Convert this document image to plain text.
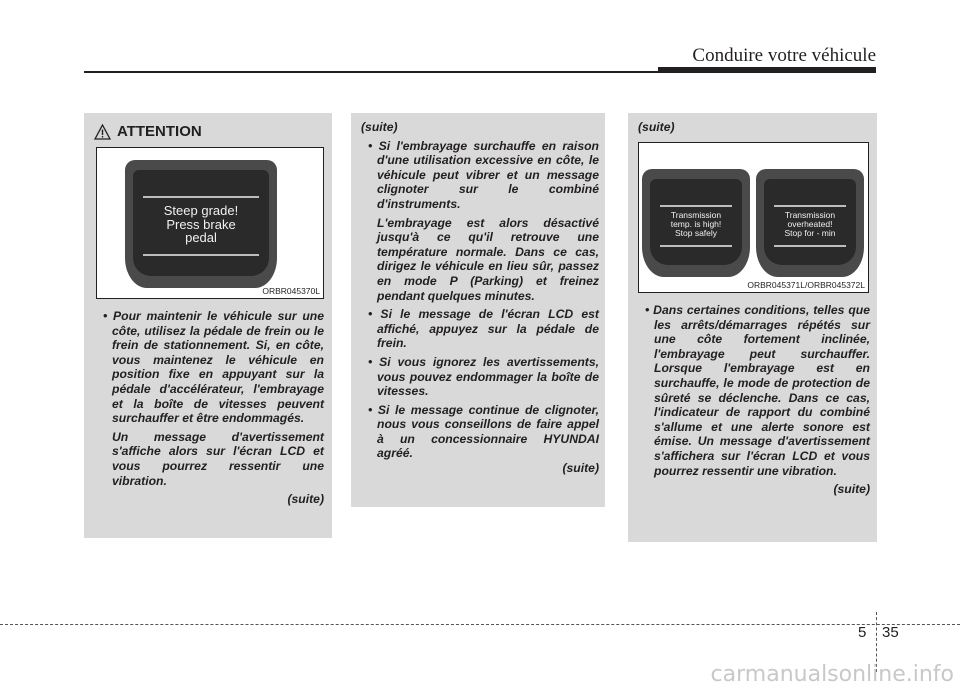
Conduire votre véhicule
ATTENTION
Steep grade!
Press brake
pedal
ORBR045370L

• Pour maintenir le véhicule sur une côte, utilisez la pédale de frein ou le frein de stationnement. Si, en côte, vous maintenez le véhicule en position fixe en appuyant sur la pédale d'accélérateur, l'embrayage et la boîte de vitesses peuvent surchauffer et être endommagés.

Un message d'avertissement s'affiche alors sur l'écran LCD et vous pourrez ressentir une vibration.

(suite)

(suite)

• Si l'embrayage surchauffe en raison d'une utilisation excessive en côte, le véhicule peut vibrer et un message clignoter sur le combiné d'instruments.

L'embrayage est alors désactivé jusqu'à ce qu'il retrouve une température normale. Dans ce cas, dirigez le véhicule en lieu sûr, passez en mode P (Parking) et freinez pendant quelques minutes.

• Si le message de l'écran LCD est affiché, appuyez sur la pédale de frein.

• Si vous ignorez les avertissements, vous pouvez endommager la boîte de vitesses.

• Si le message continue de clignoter, nous vous conseillons de faire appel à un concessionnaire HYUNDAI agréé.

(suite)

(suite)

Transmission
temp. is high!
Stop safely
Transmission
overheated!
Stop for - min
ORBR045371L/ORBR045372L

• Dans certaines conditions, telles que les arrêts/démarrages répétés sur une côte fortement inclinée, l'embrayage peut surchauffer. Lorsque l'embrayage est en surchauffe, le mode de protection de sûreté se déclenche. Dans ce cas, l'indicateur de rapport du combiné s'allume et une alerte sonore est émise. Un message d'avertissement s'affichera sur l'écran LCD et vous pourrez ressentir une vibration.

(suite)

5 35
carmanualsonline.info
